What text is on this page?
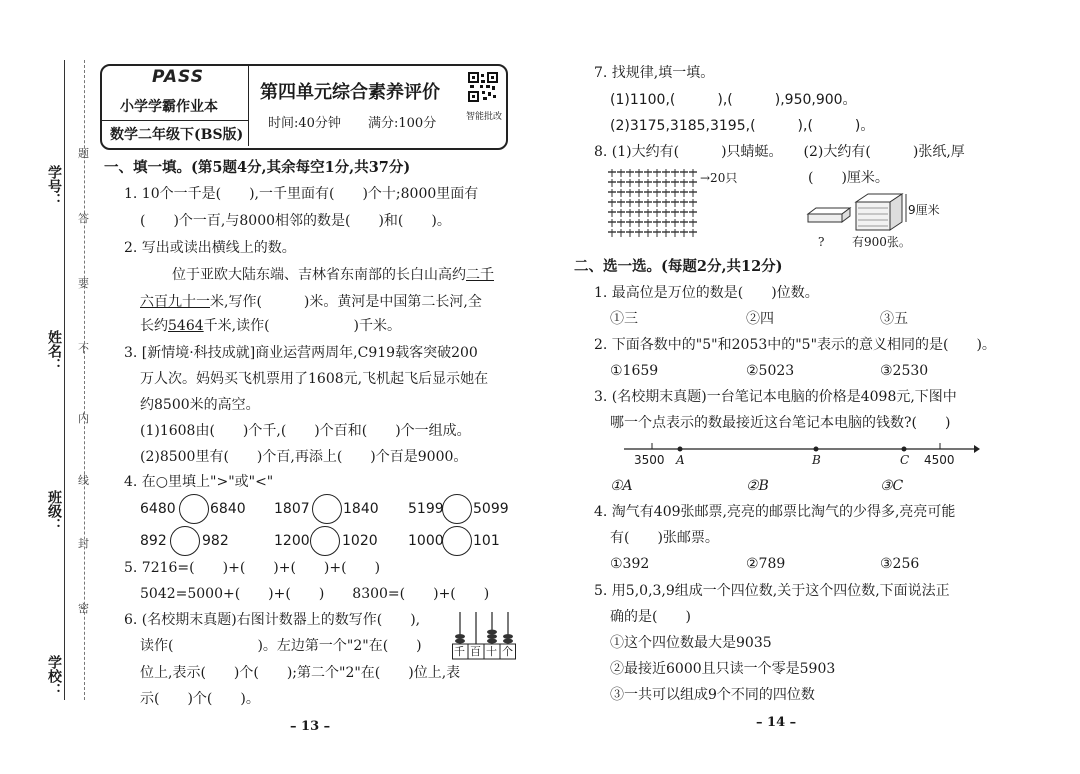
学号：
姓名：
班级：
学校：
题
答
要
不
内
线
封
密
PASS
小学学霸作业本
数学二年级下(BS版)
第四单元综合素养评价
时间:40分钟 满分:100分	智能批改
一、填一填。(第5题4分,其余每空1分,共37分)
1. 10个一千是(　　),一千里面有(　　)个十;8000里面有
(　　)个一百,与8000相邻的数是(　　)和(　　)。
2. 写出或读出横线上的数。
位于亚欧大陆东端、吉林省东南部的长白山高约二千
六百九十一米,写作(　　　)米。黄河是中国第二长河,全
长约5464千米,读作(　　　　　　)千米。
3. [新情境·科技成就]商业运营两周年,C919载客突破200
万人次。妈妈买飞机票用了1608元,飞机起飞后显示她在
约8500米的高空。
(1)1608由(　　)个千,(　　)个百和(　　)个一组成。
(2)8500里有(　　)个百,再添上(　　)个百是9000。
4. 在○里填上">"或"<"
6480 6840 1807 1840 5199 5099
892	982	1200 1020 1000 101
5. 7216=(　　)+(　　)+(　　)+(　　)
5042=5000+(　　)+(　　)　　8300=(　　)+(　　)
6. (名校期末真题)右图计数器上的数写作(　　),
读作(　　　　　　)。左边第一个"2"在(　　)
位上,表示(　　)个(　　);第二个"2"在(　　)位上,表
示(　　)个(　　)。
千 百 十 个
– 13 –
7. 找规律,填一填。
(1)1100,(　　　),(　　　),950,900。
(2)3175,3185,3195,(　　　),(　　　)。
8. (1)大约有(　　　)只蜻蜓。　　(2)大约有(　　　)张纸,厚
→20只	(　　)厘米。
9厘米
? 有900张。
二、选一选。(每题2分,共12分)
1. 最高位是万位的数是(　　)位数。
①三	②四	③五
2. 下面各数中的"5"和2053中的"5"表示的意义相同的是(　　)。
①1659	②5023	③2530
3. (名校期末真题)一台笔记本电脑的价格是4098元,下图中
哪一个点表示的数最接近这台笔记本电脑的钱数?(　　)
3500 A	B	C 4500
①A	②B	③C
4. 淘气有409张邮票,亮亮的邮票比淘气的少得多,亮亮可能
有(　　)张邮票。
①392	②789	③256
5. 用5,0,3,9组成一个四位数,关于这个四位数,下面说法正
确的是(　　)
①这个四位数最大是9035
②最接近6000且只读一个零是5903
③一共可以组成9个不同的四位数
– 14 –
